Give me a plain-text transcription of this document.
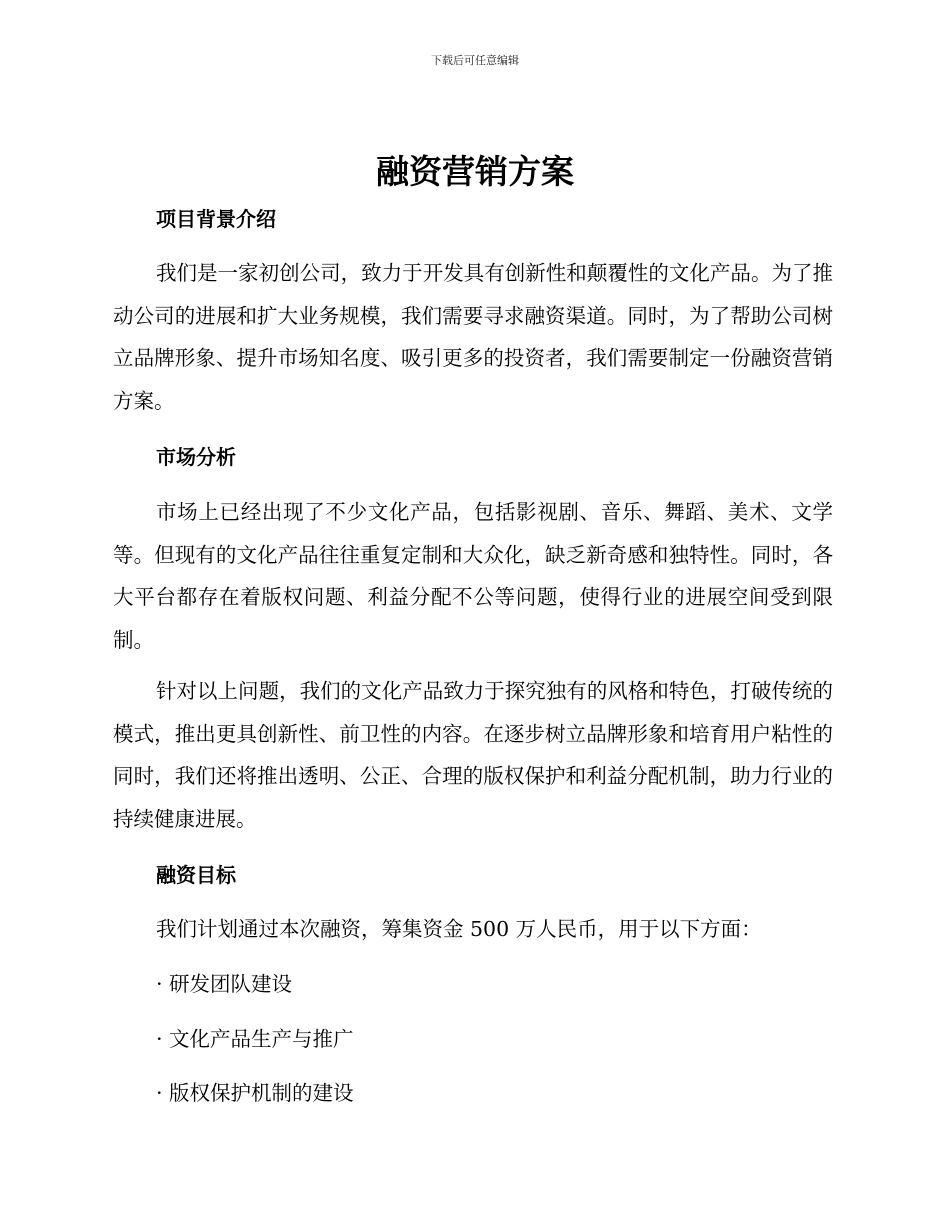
下载后可任意编辑
融资营销方案
项目背景介绍

我们是一家初创公司，致力于开发具有创新性和颠覆性的文化产品。为了推动公司的进展和扩大业务规模，我们需要寻求融资渠道。同时，为了帮助公司树立品牌形象、提升市场知名度、吸引更多的投资者，我们需要制定一份融资营销方案。

市场分析

市场上已经出现了不少文化产品，包括影视剧、音乐、舞蹈、美术、文学等。但现有的文化产品往往重复定制和大众化，缺乏新奇感和独特性。同时，各大平台都存在着版权问题、利益分配不公等问题，使得行业的进展空间受到限制。

针对以上问题，我们的文化产品致力于探究独有的风格和特色，打破传统的模式，推出更具创新性、前卫性的内容。在逐步树立品牌形象和培育用户粘性的同时，我们还将推出透明、公正、合理的版权保护和利益分配机制，助力行业的持续健康进展。

融资目标

我们计划通过本次融资，筹集资金 500 万人民币，用于以下方面：

· 研发团队建设

· 文化产品生产与推广

· 版权保护机制的建设
